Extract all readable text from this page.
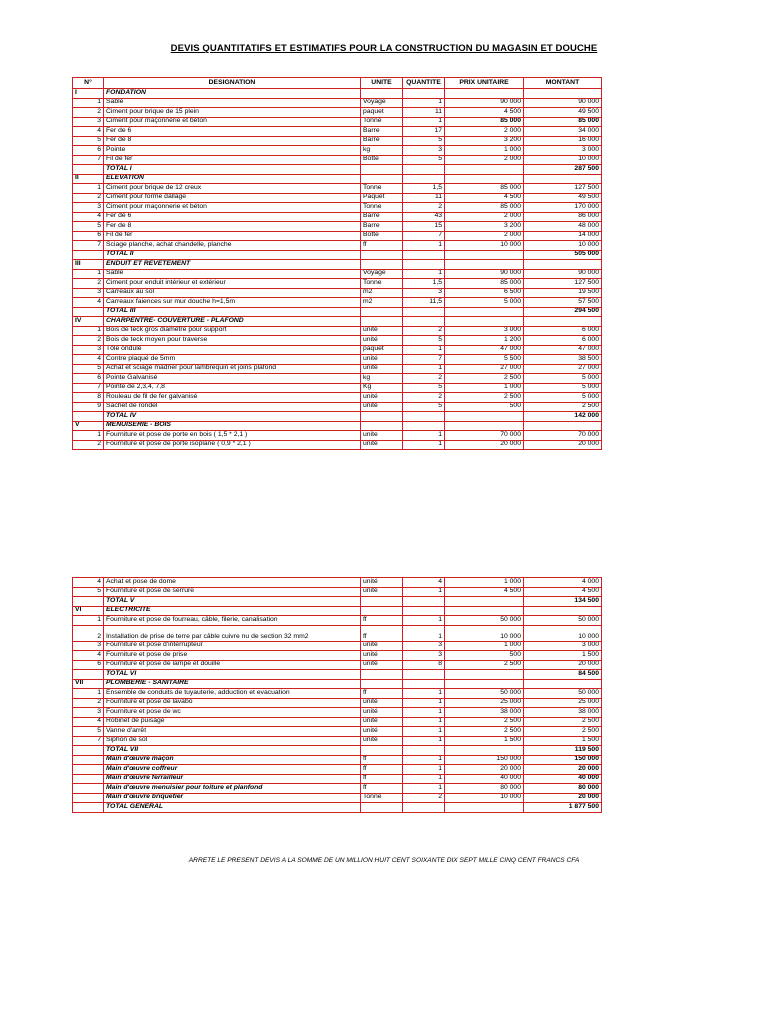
DEVIS QUANTITATIFS ET ESTIMATIFS POUR LA CONSTRUCTION DU MAGASIN ET DOUCHE
N°	DESIGNATION	UNITE	QUANTITE	PRIX UNITAIRE	MONTANT
I	FONDATION				
1	Sable	Voyage	1	90 000	90 000
2	Ciment pour brique de 15 plein	paquet	11	4 500	49 500
3	Ciment pour maçonnerie et béton	Tonne	1	85 000	85 000
4	Fer de 6	Barre	17	2 000	34 000
5	Fer de 8	Barre	5	3 200	16 000
6	Pointe	kg	3	1 000	3 000
7	Fil de fer	Botte	5	2 000	10 000
	TOTAL I				287 500
II	ELEVATION				
1	Ciment pour brique de 12 creux	Tonne	1,5	85 000	127 500
2	Ciment pour forme dallage	Paquet	11	4 500	49 500
3	Ciment pour maçonnerie et béton	Tonne	2	85 000	170 000
4	Fer de 6	Barre	43	2 000	86 000
5	Fer de 8	Barre	15	3 200	48 000
6	Fil de fer	Botte	7	2 000	14 000
7	Sciage planche, achat chandelle, planche	ff	1	10 000	10 000
	TOTAL II				505 000
III	ENDUIT ET REVETEMENT				
1	Sable	Voyage	1	90 000	90 000
2	Ciment pour enduit intérieur et extérieur	Tonne	1,5	85 000	127 500
3	Carreaux au sol	m2	3	6 500	19 500
4	Carreaux faiences sur mur douche h=1,5m	m2	11,5	5 000	57 500
	TOTAL III				294 500
IV	CHARPENTRE- COUVERTURE - PLAFOND				
1	Bois de teck gros diamètre pour support	unité	2	3 000	6 000
2	Bois de teck moyen pour traverse	unité	5	1 200	6 000
3	Tôle ondulé	paquet	1	47 000	47 000
4	Contre plaqué de 5mm	unité	7	5 500	38 500
5	Achat et sciage madrier pour lambrequin et joins plafond	unité	1	27 000	27 000
6	Pointe Galvanisé	kg	2	2 500	5 000
7	Pointe de 2,3,4, 7,8	Kg	5	1 000	5 000
8	Rouleau de fil de fer galvanisé	unité	2	2 500	5 000
9	Sachet de rondel	unité	5	500	2 500
	TOTAL IV				142 000
V	MENUISERIE - BOIS				
1	Fourniture et pose de porte en bois ( 1,5 * 2,1 )	unite	1	70 000	70 000
2	Fourniture et pose de porte isoplane ( 0,9 * 2,1 )	unité	1	20 000	20 000
4	Achat et pose de dome	unité	4	1 000	4 000
5	Fourniture et pose de serrure	unité	1	4 500	4 500
	TOTAL V				134 500
VI	ELECTRICITE				
1	Fourniture et pose de fourreau, câble, filerie, canalisation	ff	1	50 000	50 000
2	Installation de prise de terre par câble cuivre nu de section 32 mm2	ff	1	10 000	10 000
3	Fourniture et pose d'interrupteur	unité	3	1 000	3 000
4	Fourniture et pose de prise	unité	3	500	1 500
6	Fourniture et pose de lampe et douille	unité	8	2 500	20 000
	TOTAL VI				84 500
VII	PLOMBERIE - SANITAIRE				
1	Ensemble de conduits de tuyauterie, adduction et evacuation	ff	1	50 000	50 000
2	Fourniture et pose de lavabo	unité	1	25 000	25 000
3	Fourniture et pose de wc	unité	1	38 000	38 000
4	Robinet de puisage	unité	1	2 500	2 500
5	Vanne d'arrêt	unité	1	2 500	2 500
7	Siphon de sol	unité	1	1 500	1 500
	TOTAL VII				119 500
	Main d'œuvre maçon	ff	1	150 000	150 000
	Main d'œuvre coffreur	ff	1	20 000	20 000
	Main d'œuvre ferrailleur	ff	1	40 000	40 000
	Main d'œuvre menuisier pour toiture et planfond	ff	1	80 000	80 000
	Main d'œuvre briquetier	Tonne	2	10 000	20 000
	TOTAL GENERAL				1 877 500
ARRETE LE PRESENT DEVIS A LA SOMME DE UN MILLION HUIT CENT SOIXANTE DIX SEPT MILLE CINQ CENT FRANCS CFA
